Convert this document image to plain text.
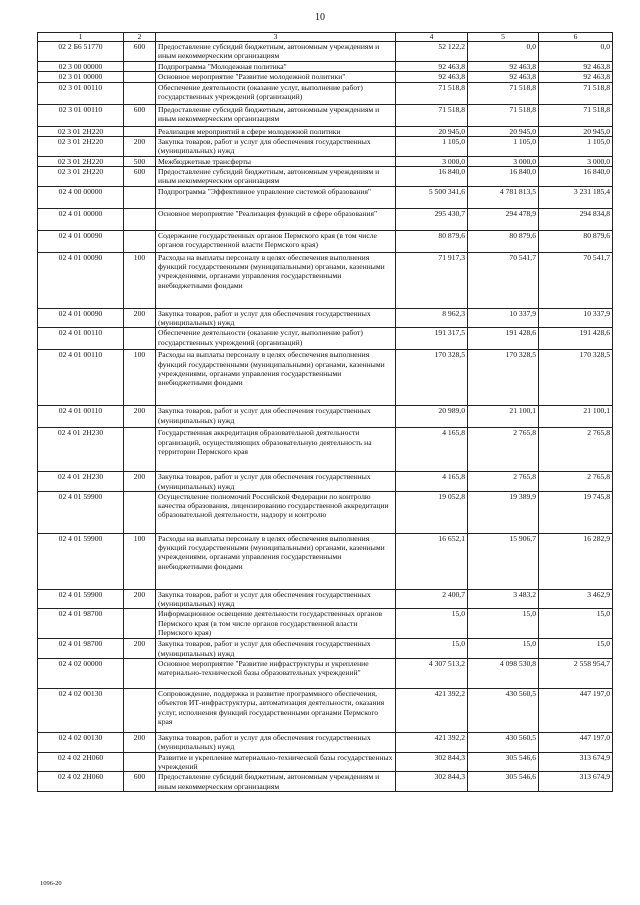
10
1	2	3	4	5	6
02 2 Б6 51770	600	Предоставление субсидий бюджетным, автономным учреждениям и иным некоммерческим организациям	52 122,2	0,0	0,0
02 3 00 00000		Подпрограмма "Молодежная политика"	92 463,8	92 463,8	92 463,8
02 3 01 00000		Основное мероприятие "Развитие молодежной политики"	92 463,8	92 463,8	92 463,8
02 3 01 00110		Обеспечение деятельности (оказание услуг, выполнение работ) государственных учреждений (организаций)	71 518,8	71 518,8	71 518,8
02 3 01 00110	600	Предоставление субсидий бюджетным, автономным учреждениям и иным некоммерческим организациям	71 518,8	71 518,8	71 518,8
02 3 01 2Н220		Реализация мероприятий в сфере молодежной политики	20 945,0	20 945,0	20 945,0
02 3 01 2Н220	200	Закупка товаров, работ и услуг для обеспечения государственных (муниципальных) нужд	1 105,0	1 105,0	1 105,0
02 3 01 2Н220	500	Межбюджетные трансферты	3 000,0	3 000,0	3 000,0
02 3 01 2Н220	600	Предоставление субсидий бюджетным, автономным учреждениям и иным некоммерческим организациям	16 840,0	16 840,0	16 840,0
02 4 00 00000		Подпрограмма "Эффективное управление системой образования"	5 500 341,6	4 781 813,5	3 231 185,4
02 4 01 00000		Основное мероприятие "Реализация функций в сфере образования"	295 430,7	294 478,9	294 834,8
02 4 01 00090		Содержание государственных органов Пермского края (в том числе органов государственной власти Пермского края)	80 879,6	80 879,6	80 879,6
02 4 01 00090	100	Расходы на выплаты персоналу в целях обеспечения выполнения функций государственными (муниципальными) органами, казенными учреждениями, органами управления государственными внебюджетными фондами	71 917,3	70 541,7	70 541,7
02 4 01 00090	200	Закупка товаров, работ и услуг для обеспечения государственных (муниципальных) нужд	8 962,3	10 337,9	10 337,9
02 4 01 00110		Обеспечение деятельности (оказание услуг, выполнение работ) государственных учреждений (организаций)	191 317,5	191 428,6	191 428,6
02 4 01 00110	100	Расходы на выплаты персоналу в целях обеспечения выполнения функций государственными (муниципальными) органами, казенными учреждениями, органами управления государственными внебюджетными фондами	170 328,5	170 328,5	170 328,5
02 4 01 00110	200	Закупка товаров, работ и услуг для обеспечения государственных (муниципальных) нужд	20 989,0	21 100,1	21 100,1
02 4 01 2Н230		Государственная аккредитация образовательной деятельности организаций, осуществляющих образовательную деятельность на территории Пермского края	4 165,8	2 765,8	2 765,8
02 4 01 2Н230	200	Закупка товаров, работ и услуг для обеспечения государственных (муниципальных) нужд	4 165,8	2 765,8	2 765,8
02 4 01 59900		Осуществление полномочий Российской Федерации по контролю качества образования, лицензированию государственной аккредитации образовательной деятельности, надзору и контролю	19 052,8	19 389,9	19 745,8
02 4 01 59900	100	Расходы на выплаты персоналу в целях обеспечения выполнения функций государственными (муниципальными) органами, казенными учреждениями, органами управления государственными внебюджетными фондами	16 652,1	15 906,7	16 282,9
02 4 01 59900	200	Закупка товаров, работ и услуг для обеспечения государственных (муниципальных) нужд	2 400,7	3 483,2	3 462,9
02 4 01 98700		Информационное освещение деятельности государственных органов Пермского края (в том числе органов государственной власти Пермского края)	15,0	15,0	15,0
02 4 01 98700	200	Закупка товаров, работ и услуг для обеспечения государственных (муниципальных) нужд	15,0	15,0	15,0
02 4 02 00000		Основное мероприятие "Развитие инфраструктуры и укрепление материально-технической базы образовательных учреждений"	4 307 513,2	4 098 530,8	2 558 954,7
02 4 02 00130		Сопровождение, поддержка и развитие программного обеспечения, объектов ИТ-инфраструктуры, автоматизация деятельности, оказания услуг, исполнения функций государственными органами Пермского края	421 392,2	430 560,5	447 197,0
02 4 02 00130	200	Закупка товаров, работ и услуг для обеспечения государственных (муниципальных) нужд	421 392,2	430 560,5	447 197,0
02 4 02 2Н060		Развитие и укрепление материально-технической базы государственных учреждений	302 844,3	305 546,6	313 674,9
02 4 02 2Н060	600	Предоставление субсидий бюджетным, автономным учреждениям и иным некоммерческим организациям	302 844,3	305 546,6	313 674,9
1096-20
